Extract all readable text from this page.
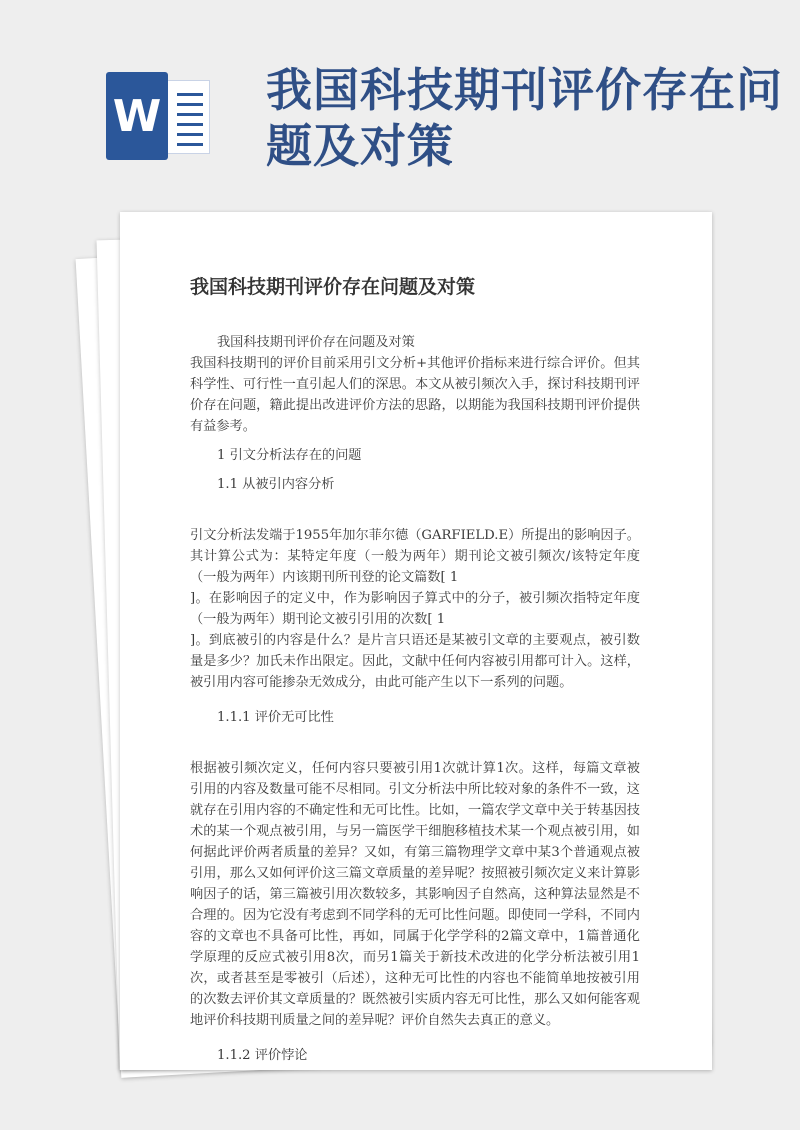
W 我国科技期刊评价存在问题及对策
我国科技期刊评价存在问题及对策

我国科技期刊评价存在问题及对策

我国科技期刊的评价目前采用引文分析+其他评价指标来进行综合评价。但其科学性、可行性一直引起人们的深思。本文从被引频次入手，探讨科技期刊评价存在问题，籍此提出改进评价方法的思路，以期能为我国科技期刊评价提供有益参考。

1 引文分析法存在的问题

1.1 从被引内容分析

引文分析法发端于1955年加尔菲尔德（GARFIELD.E）所提出的影响因子。其计算公式为：某特定年度（一般为两年）期刊论文被引频次/该特定年度（一般为两年）内该期刊所刊登的论文篇数[ 1

]。在影响因子的定义中，作为影响因子算式中的分子，被引频次指特定年度（一般为两年）期刊论文被引引用的次数[ 1

]。到底被引的内容是什么？是片言只语还是某被引文章的主要观点，被引数量是多少？加氏未作出限定。因此，文献中任何内容被引用都可计入。这样，被引用内容可能掺杂无效成分，由此可能产生以下一系列的问题。

1.1.1 评价无可比性

根据被引频次定义，任何内容只要被引用1次就计算1次。这样，每篇文章被引用的内容及数量可能不尽相同。引文分析法中所比较对象的条件不一致，这就存在引用内容的不确定性和无可比性。比如，一篇农学文章中关于转基因技术的某一个观点被引用，与另一篇医学干细胞移植技术某一个观点被引用，如何据此评价两者质量的差异？又如，有第三篇物理学文章中某3个普通观点被引用，那么又如何评价这三篇文章质量的差异呢？按照被引频次定义来计算影响因子的话，第三篇被引用次数较多，其影响因子自然高，这种算法显然是不合理的。因为它没有考虑到不同学科的无可比性问题。即使同一学科，不同内容的文章也不具备可比性，再如，同属于化学学科的2篇文章中，1篇普通化学原理的反应式被引用8次，而另1篇关于新技术改进的化学分析法被引用1次，或者甚至是零被引（后述），这种无可比性的内容也不能简单地按被引用的次数去评价其文章质量的？既然被引实质内容无可比性，那么又如何能客观地评价科技期刊质量之间的差异呢？评价自然失去真正的意义。

1.1.2 评价悖论
